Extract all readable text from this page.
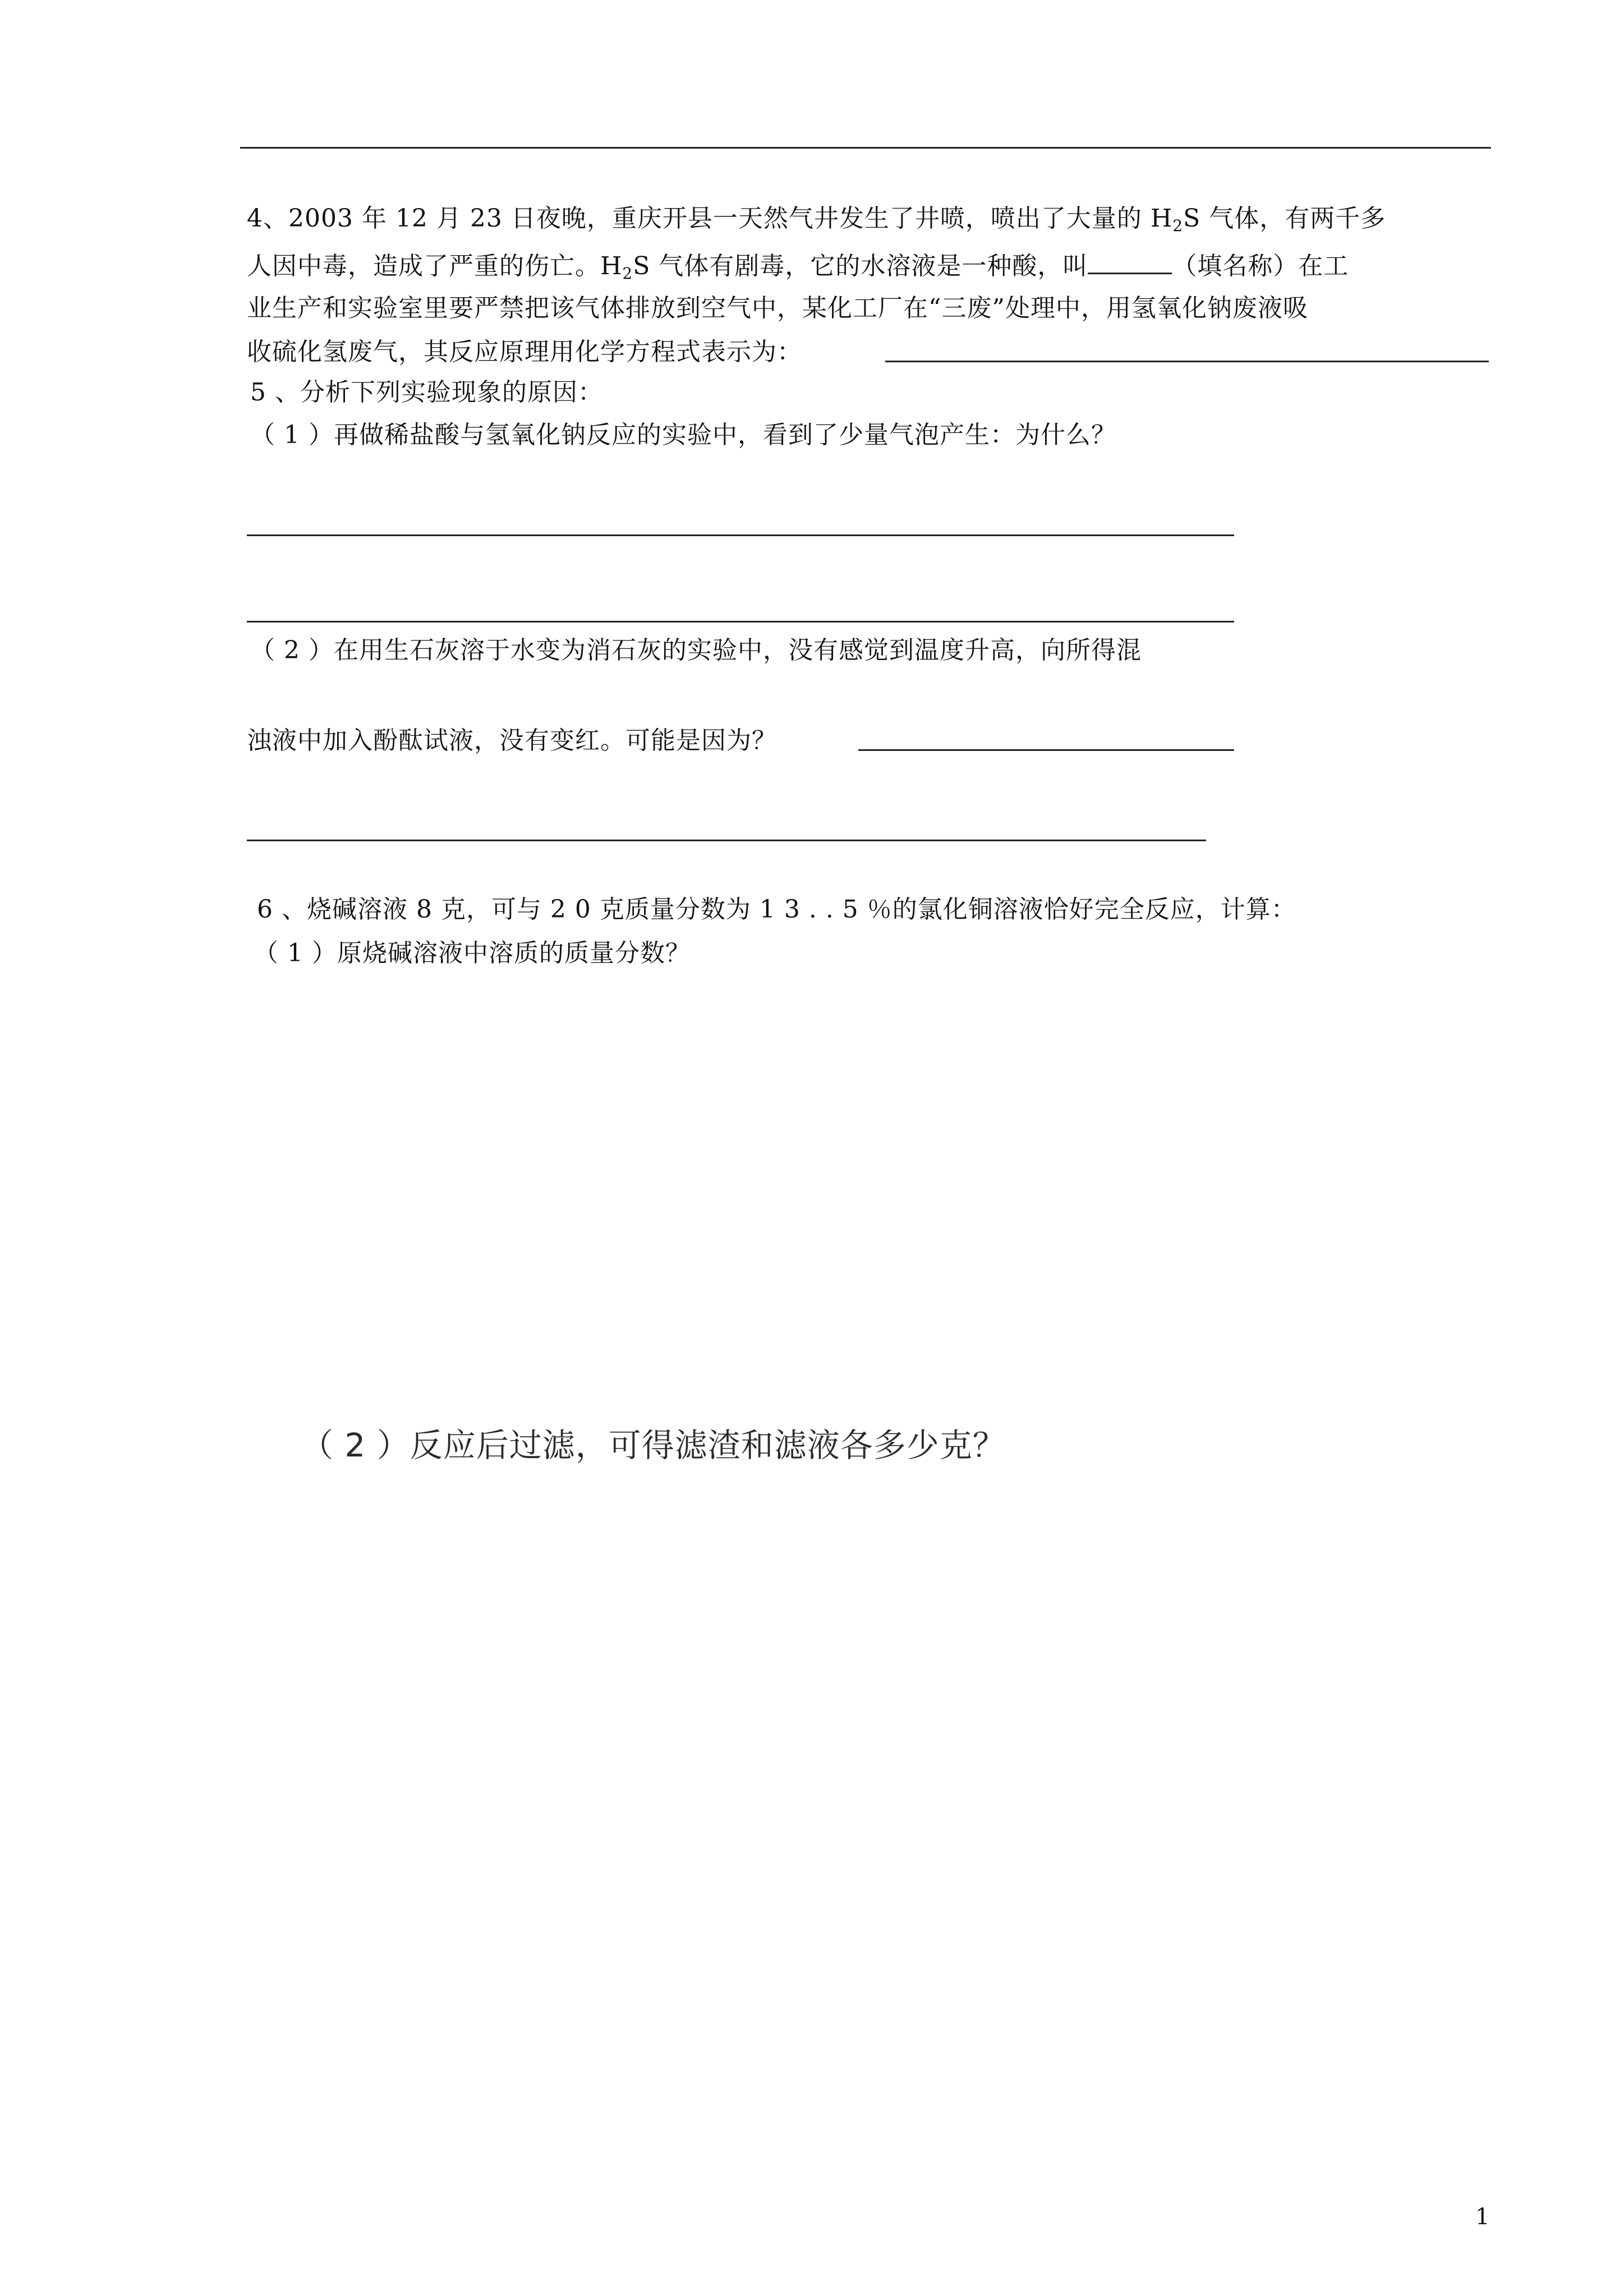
4、2003 年 12 月 23 日夜晚，重庆开县一天然气井发生了井喷，喷出了大量的 $H_2S$ 气体，有两千多
人因中毒，造成了严重的伤亡。$H_2S$ 气体有剧毒，它的水溶液是一种酸，叫	（填名称）在工
业生产和实验室里要严禁把该气体排放到空气中，某化工厂在“三废”处理中，用氢氧化钠废液吸
收硫化氢废气，其反应原理用化学方程式表示为：
5 、分析下列实验现象的原因：
（ 1 ）再做稀盐酸与氢氧化钠反应的实验中，看到了少量气泡产生：为什么？
（ 2 ）在用生石灰溶于水变为消石灰的实验中，没有感觉到温度升高，向所得混
浊液中加入酚酞试液，没有变红。可能是因为？
6 、烧碱溶液 8 克，可与 2 0 克质量分数为 1 3 . . 5 ％的氯化铜溶液恰好完全反应，计算：
（ 1 ）原烧碱溶液中溶质的质量分数？
（ 2 ）反应后过滤，可得滤渣和滤液各多少克？
1
